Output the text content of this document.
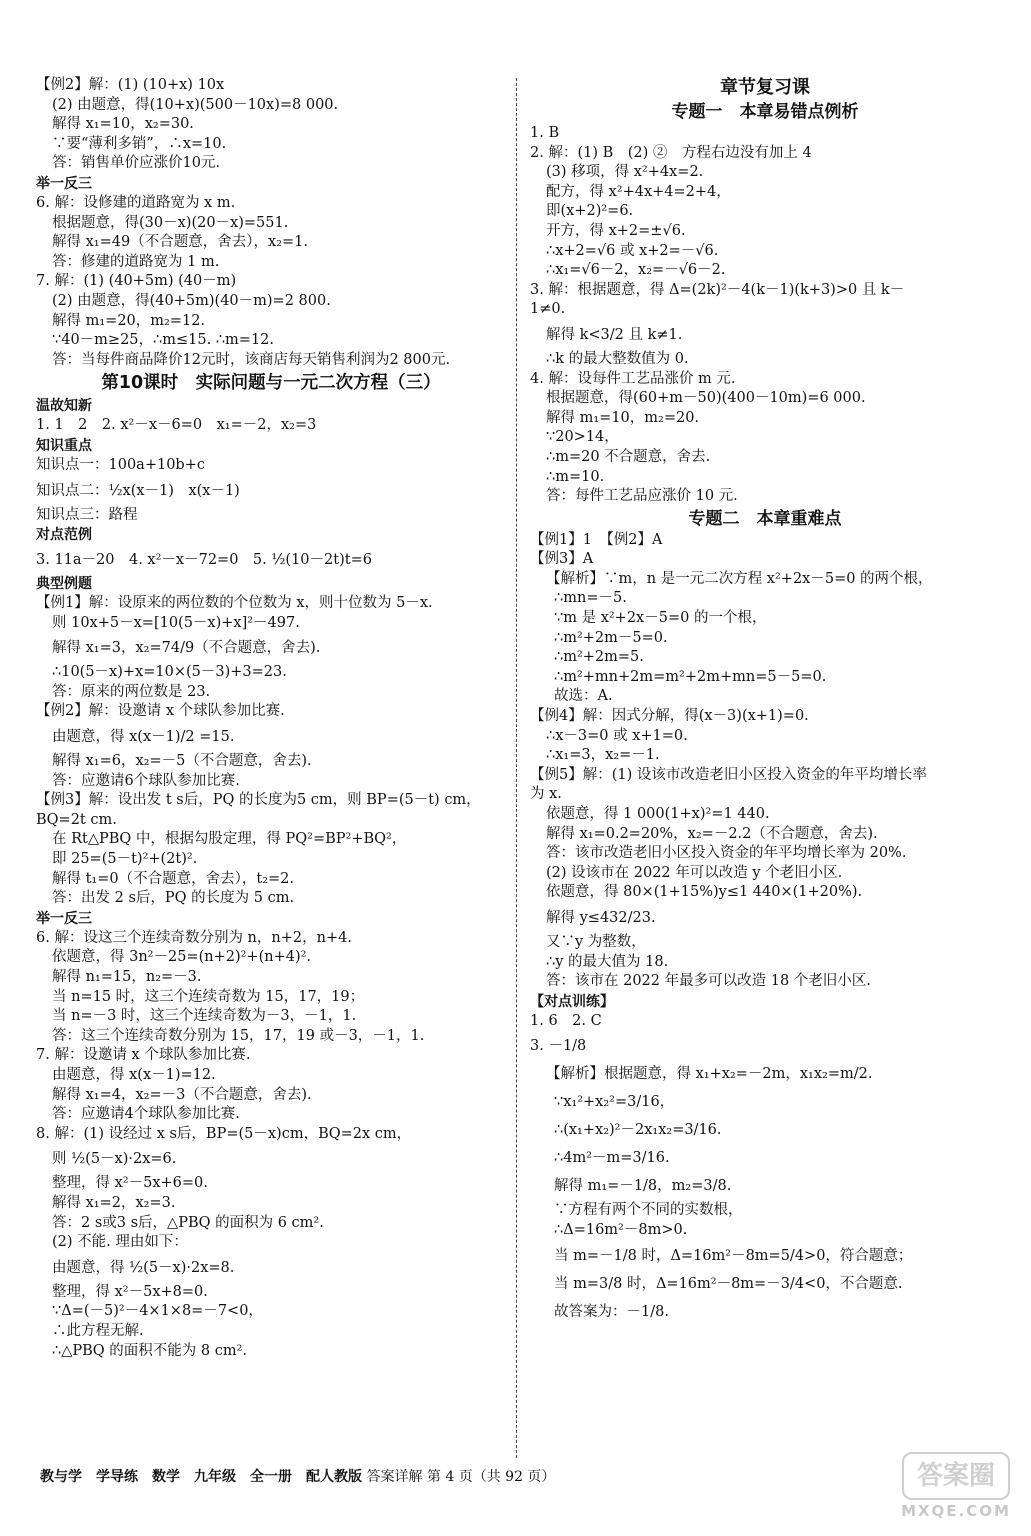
【例2】解：(1) (10+x) 10x
(2) 由题意，得(10+x)(500－10x)=8 000.
解得 x₁=10，x₂=30.
∵要“薄利多销”，∴x=10.
答：销售单价应涨价10元.
举一反三
6. 解：设修建的道路宽为 x m.
根据题意，得(30－x)(20－x)=551.
解得 x₁=49（不合题意，舍去），x₂=1.
答：修建的道路宽为 1 m.
7. 解：(1) (40+5m) (40－m)
(2) 由题意，得(40+5m)(40－m)=2 800.
解得 m₁=20，m₂=12.
∵40－m≥25，∴m≤15. ∴m=12.
答：当每件商品降价12元时，该商店每天销售利润为2 800元.
第10课时　实际问题与一元二次方程（三）
温故知新
1. 1　2　2. x²－x－6=0　x₁=－2，x₂=3
知识重点
知识点一：100a+10b+c
知识点二：½x(x－1)　x(x－1)
知识点三：路程
对点范例
3. 11a－20　4. x²－x－72=0　5. ½(10－2t)t=6
典型例题
【例1】解：设原来的两位数的个位数为 x，则十位数为 5－x.
则 10x+5－x=[10(5－x)+x]²－497.
解得 x₁=3，x₂=74/9（不合题意，舍去).
∴10(5－x)+x=10×(5－3)+3=23.
答：原来的两位数是 23.
【例2】解：设邀请 x 个球队参加比赛.
由题意，得 x(x－1)/2 =15.
解得 x₁=6，x₂=－5（不合题意，舍去).
答：应邀请6个球队参加比赛.
【例3】解：设出发 t s后，PQ 的长度为5 cm，则 BP=(5－t) cm，
BQ=2t cm.
在 Rt△PBQ 中，根据勾股定理，得 PQ²=BP²+BQ²，
即 25=(5－t)²+(2t)².
解得 t₁=0（不合题意，舍去），t₂=2.
答：出发 2 s后，PQ 的长度为 5 cm.
举一反三
6. 解：设这三个连续奇数分别为 n，n+2，n+4.
依题意，得 3n²－25=(n+2)²+(n+4)².
解得 n₁=15，n₂=－3.
当 n=15 时，这三个连续奇数为 15，17，19；
当 n=－3 时，这三个连续奇数为－3，－1，1.
答：这三个连续奇数分别为 15，17，19 或－3，－1，1.
7. 解：设邀请 x 个球队参加比赛.
由题意，得 x(x－1)=12.
解得 x₁=4，x₂=－3（不合题意，舍去).
答：应邀请4个球队参加比赛.
8. 解：(1) 设经过 x s后，BP=(5－x)cm，BQ=2x cm，
则 ½(5－x)·2x=6.
整理，得 x²－5x+6=0.
解得 x₁=2，x₂=3.
答：2 s或3 s后，△PBQ 的面积为 6 cm².
(2) 不能. 理由如下：
由题意，得 ½(5－x)·2x=8.
整理，得 x²－5x+8=0.
∵Δ=(－5)²－4×1×8=－7<0，
∴此方程无解.
∴△PBQ 的面积不能为 8 cm².
章节复习课
专题一　本章易错点例析
1. B
2. 解：(1) B　(2) ②　方程右边没有加上 4
(3) 移项，得 x²+4x=2.
配方，得 x²+4x+4=2+4，
即(x+2)²=6.
开方，得 x+2=±√6.
∴x+2=√6 或 x+2=－√6.
∴x₁=√6－2，x₂=－√6－2.
3. 解：根据题意，得 Δ=(2k)²－4(k－1)(k+3)>0 且 k－
1≠0.
解得 k<3/2 且 k≠1.
∴k 的最大整数值为 0.
4. 解：设每件工艺品涨价 m 元.
根据题意，得(60+m－50)(400－10m)=6 000.
解得 m₁=10，m₂=20.
∵20>14，
∴m=20 不合题意，舍去.
∴m=10.
答：每件工艺品应涨价 10 元.
专题二　本章重难点
【例1】1　【例2】A
【例3】A
【解析】∵m，n 是一元二次方程 x²+2x－5=0 的两个根，
∴mn=－5.
∵m 是 x²+2x－5=0 的一个根，
∴m²+2m－5=0.
∴m²+2m=5.
∴m²+mn+2m=m²+2m+mn=5－5=0.
故选：A.
【例4】解：因式分解，得(x－3)(x+1)=0.
∴x－3=0 或 x+1=0.
∴x₁=3，x₂=－1.
【例5】解：(1) 设该市改造老旧小区投入资金的年平均增长率
为 x.
依题意，得 1 000(1+x)²=1 440.
解得 x₁=0.2=20%，x₂=－2.2（不合题意，舍去).
答：该市改造老旧小区投入资金的年平均增长率为 20%.
(2) 设该市在 2022 年可以改造 y 个老旧小区.
依题意，得 80×(1+15%)y≤1 440×(1+20%).
解得 y≤432/23.
又∵y 为整数，
∴y 的最大值为 18.
答：该市在 2022 年最多可以改造 18 个老旧小区.
【对点训练】
1. 6　2. C
3. －1/8
【解析】根据题意，得 x₁+x₂=－2m，x₁x₂=m/2.
∵x₁²+x₂²=3/16，
∴(x₁+x₂)²－2x₁x₂=3/16.
∴4m²－m=3/16.
解得 m₁=－1/8，m₂=3/8.
∵方程有两个不同的实数根，
∴Δ=16m²－8m>0.
当 m=－1/8 时，Δ=16m²－8m=5/4>0，符合题意；
当 m=3/8 时，Δ=16m²－8m=－3/4<0，不合题意.
故答案为：－1/8.
教与学　学导练　数学　九年级　全一册　配人教版 答案详解 第 4 页（共 92 页）	答案圈
MXQE.COM
